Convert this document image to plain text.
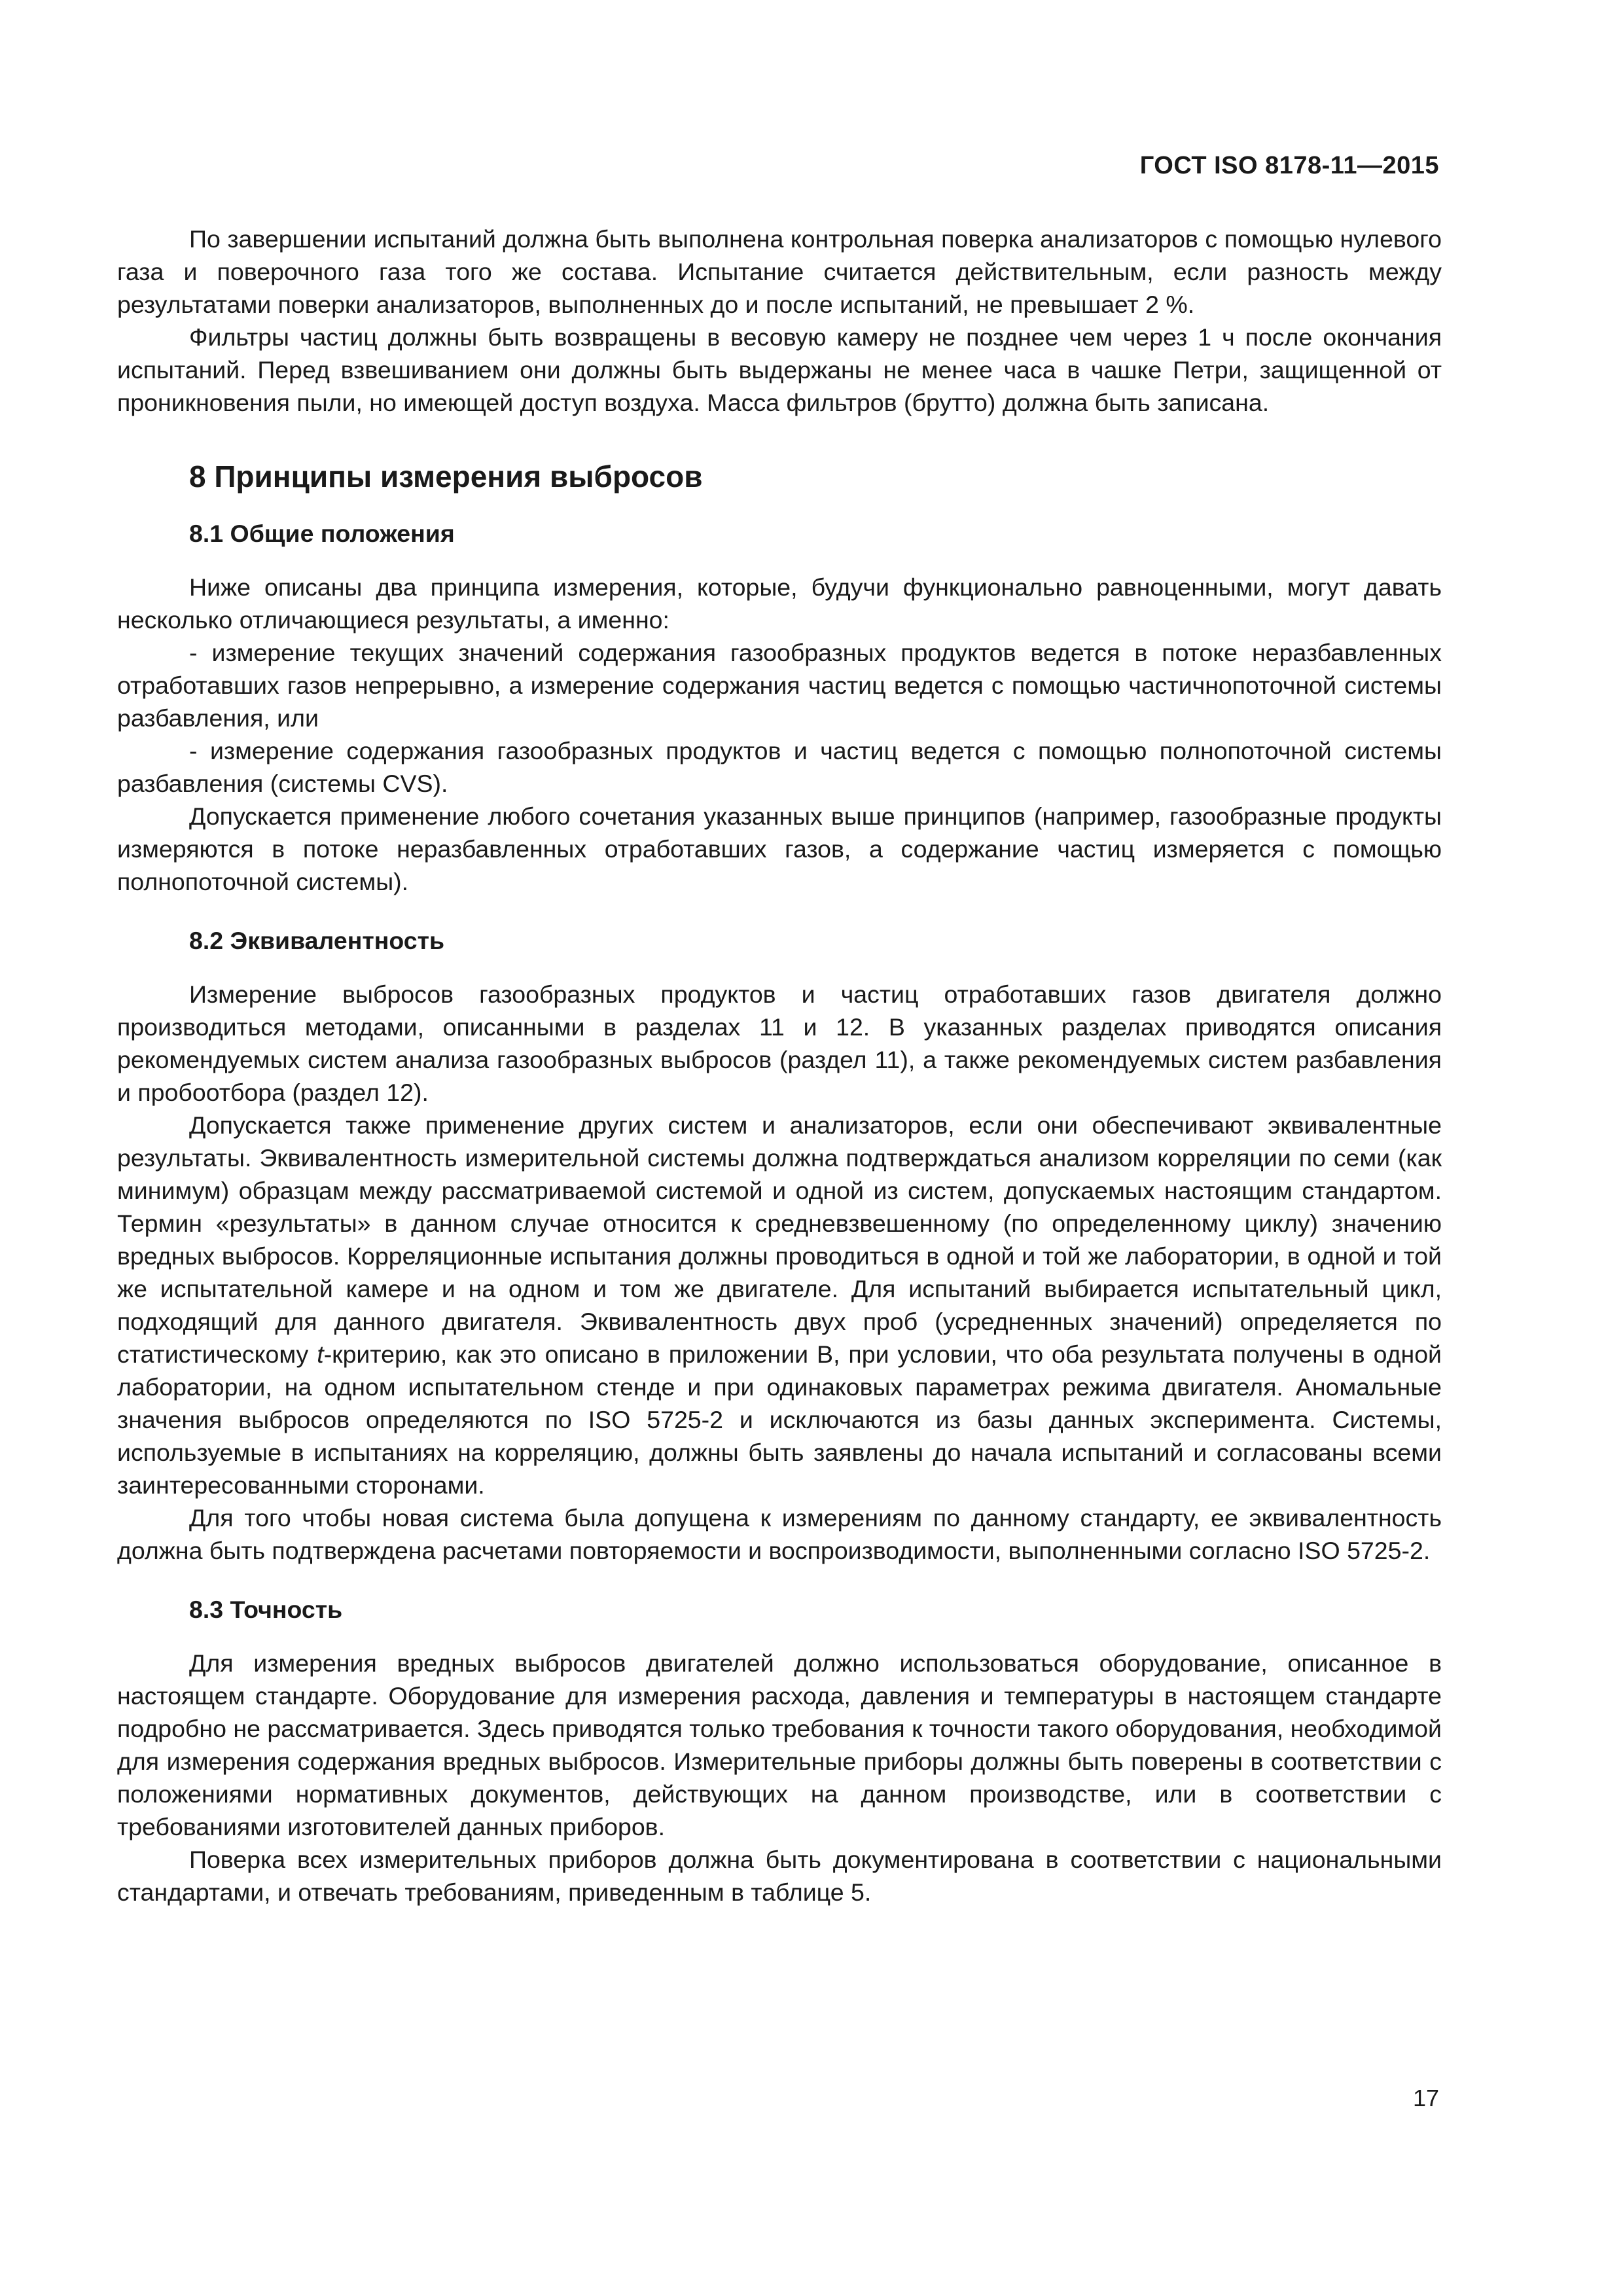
ГОСТ ISO 8178-11—2015

По завершении испытаний должна быть выполнена контрольная поверка анализаторов с помощью нулевого газа и поверочного газа того же состава. Испытание считается действительным, если разность между результатами поверки анализаторов, выполненных до и после испытаний, не превышает 2 %.

Фильтры частиц должны быть возвращены в весовую камеру не позднее чем через 1 ч после окончания испытаний. Перед взвешиванием они должны быть выдержаны не менее часа в чашке Петри, защищенной от проникновения пыли, но имеющей доступ воздуха. Масса фильтров (брутто) должна быть записана.

8 Принципы измерения выбросов
8.1 Общие положения

Ниже описаны два принципа измерения, которые, будучи функционально равноценными, могут давать несколько отличающиеся результаты, а именно:

- измерение текущих значений содержания газообразных продуктов ведется в потоке неразбавленных отработавших газов непрерывно, а измерение содержания частиц ведется с помощью частичнопоточной системы разбавления, или

- измерение содержания газообразных продуктов и частиц ведется с помощью полнопоточной системы разбавления (системы CVS).

Допускается применение любого сочетания указанных выше принципов (например, газообразные продукты измеряются в потоке неразбавленных отработавших газов, а содержание частиц измеряется с помощью полнопоточной системы).

8.2 Эквивалентность

Измерение выбросов газообразных продуктов и частиц отработавших газов двигателя должно производиться методами, описанными в разделах 11 и 12. В указанных разделах приводятся описания рекомендуемых систем анализа газообразных выбросов (раздел 11), а также рекомендуемых систем разбавления и пробоотбора (раздел 12).

Допускается также применение других систем и анализаторов, если они обеспечивают эквивалентные результаты. Эквивалентность измерительной системы должна подтверждаться анализом корреляции по семи (как минимум) образцам между рассматриваемой системой и одной из систем, допускаемых настоящим стандартом. Термин «результаты» в данном случае относится к средневзвешенному (по определенному циклу) значению вредных выбросов. Корреляционные испытания должны проводиться в одной и той же лаборатории, в одной и той же испытательной камере и на одном и том же двигателе. Для испытаний выбирается испытательный цикл, подходящий для данного двигателя. Эквивалентность двух проб (усредненных значений) определяется по статистическому t-критерию, как это описано в приложении В, при условии, что оба результата получены в одной лаборатории, на одном испытательном стенде и при одинаковых параметрах режима двигателя. Аномальные значения выбросов определяются по ISO 5725-2 и исключаются из базы данных эксперимента. Системы, используемые в испытаниях на корреляцию, должны быть заявлены до начала испытаний и согласованы всеми заинтересованными сторонами.

Для того чтобы новая система была допущена к измерениям по данному стандарту, ее эквивалентность должна быть подтверждена расчетами повторяемости и воспроизводимости, выполненными согласно ISO 5725-2.

8.3 Точность

Для измерения вредных выбросов двигателей должно использоваться оборудование, описанное в настоящем стандарте. Оборудование для измерения расхода, давления и температуры в настоящем стандарте подробно не рассматривается. Здесь приводятся только требования к точности такого оборудования, необходимой для измерения содержания вредных выбросов. Измерительные приборы должны быть поверены в соответствии с положениями нормативных документов, действующих на данном производстве, или в соответствии с требованиями изготовителей данных приборов.

Поверка всех измерительных приборов должна быть документирована в соответствии с национальными стандартами, и отвечать требованиям, приведенным в таблице 5.

17
